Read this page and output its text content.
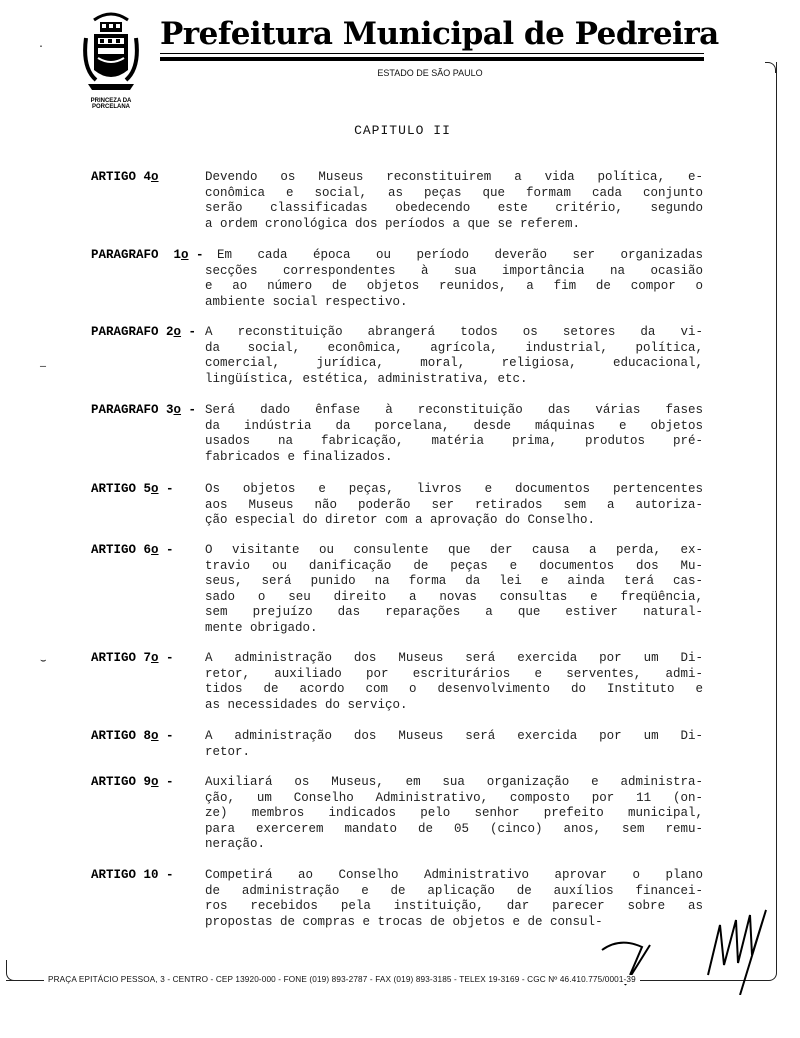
PRINCEZA DA PORCELANA
Prefeitura Municipal de Pedreira
ESTADO DE SÃO PAULO
CAPITULO II
ARTIGO 4o	Devendo os Museus reconstituirem a vida política, e-
conômica e social, as peças que formam cada conjunto
serão classificadas obedecendo este critério, segundo
a ordem cronológica dos períodos a que se referem.
PARAGRAFO  1o - Em cada época ou período deverão ser organizadas
secções correspondentes à sua importância na ocasião
e ao número de objetos reunidos, a fim de compor o
ambiente social respectivo.
PARAGRAFO 2o - A reconstituição abrangerá todos os setores da vi-
da social, econômica, agrícola, industrial, política,
comercial, jurídica, moral, religiosa, educacional,
lingüística, estética, administrativa, etc.
PARAGRAFO 3o - Será dado ênfase à reconstituição das várias fases
da indústria da porcelana, desde máquinas e objetos
usados na fabricação, matéria prima, produtos pré-
fabricados e finalizados.
ARTIGO 5o -	Os objetos e peças, livros e documentos pertencentes
aos Museus não poderão ser retirados sem a autoriza-
ção especial do diretor com a aprovação do Conselho.
ARTIGO 6o -	O visitante ou consulente que der causa a perda, ex-
travio ou danificação de peças e documentos dos Mu-
seus, será punido na forma da lei e ainda terá cas-
sado o seu direito a novas consultas e freqüência,
sem prejuízo das reparações a que estiver natural-
mente obrigado.
ARTIGO 7o -	A administração dos Museus será exercida por um Di-
retor, auxiliado por escriturários e serventes, admi-
tidos de acordo com o desenvolvimento do Instituto e
as necessidades do serviço.
ARTIGO 8o -	A administração dos Museus será exercida por um Di-
retor.
ARTIGO 9o -	Auxiliará os Museus, em sua organização e administra-
ção, um Conselho Administrativo, composto por 11 (on-
ze) membros indicados pelo senhor prefeito municipal,
para exercerem mandato de 05 (cinco) anos, sem remu-
neração.
ARTIGO 10 -	Competirá ao Conselho Administrativo aprovar o plano
de administração e de aplicação de auxílios financei-
ros recebidos pela instituição, dar parecer sobre as
propostas de compras e trocas de objetos e de consul-
PRAÇA EPITÁCIO PESSOA, 3 - CENTRO - CEP 13920-000 - FONE (019) 893-2787 - FAX (019) 893-3185 - TELEX 19-3169 - CGC Nº 46.410.775/0001-39
·
—
⌣
